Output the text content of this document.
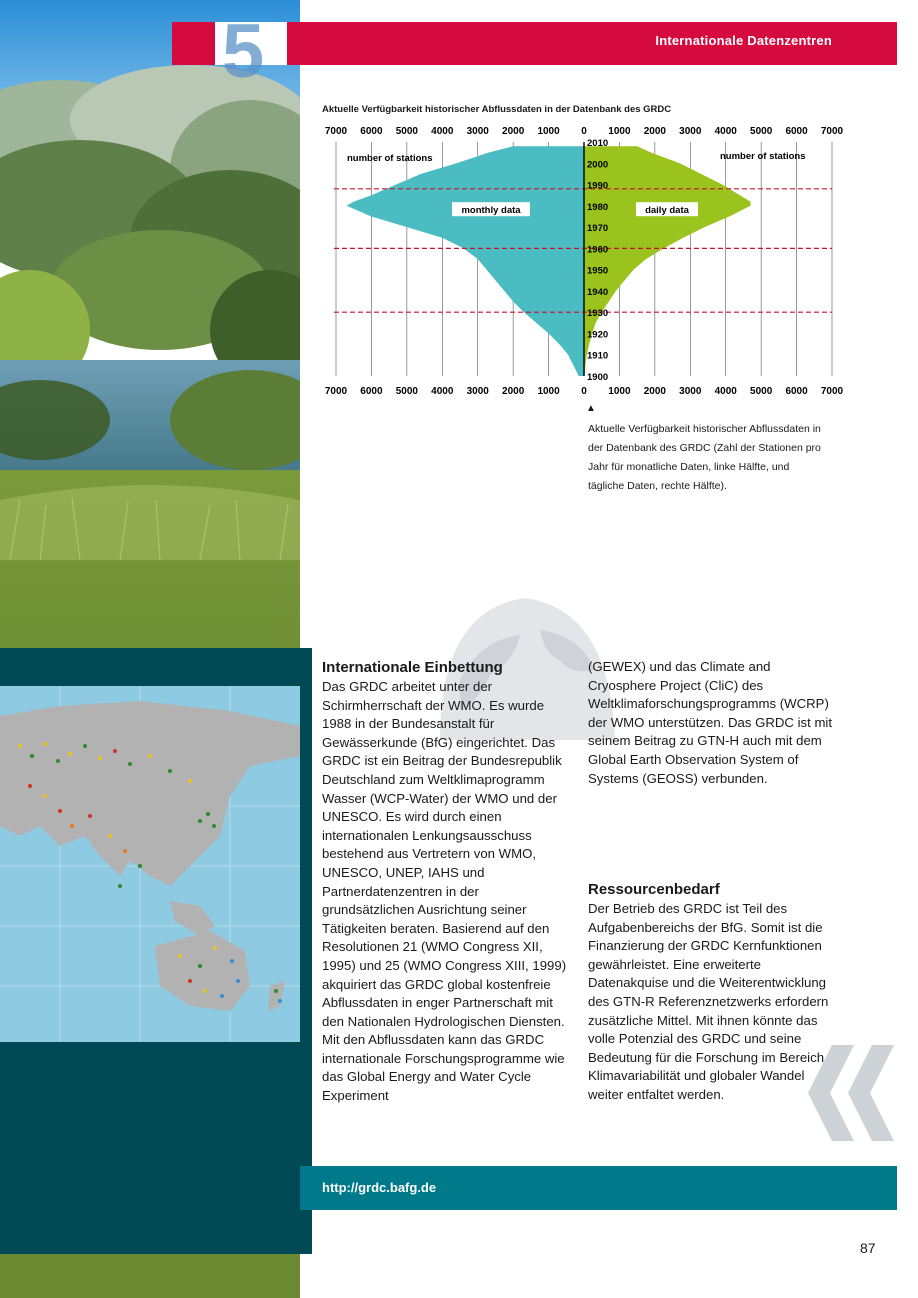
5	Internationale Datenzentren
Aktuelle Verfügbarkeit historischer Abflussdaten in der Datenbank des GRDC
7000 6000 5000 4000 3000 2000 1000 0 1000 2000 3000 4000 5000 6000 7000
7000 6000 5000 4000 3000 2000 1000 0 1000 2000 3000 4000 5000 6000 7000
2010
2000
1990
1980
1970
1960
1950
1940
1930
1920
1910
1900
number of stations	number of stations
monthly data	daily data
▲
Aktuelle Verfügbarkeit historischer Abflussdaten in der Datenbank des GRDC (Zahl der Stationen pro Jahr für monatliche Daten, linke Hälfte, und tägliche Daten, rechte Hälfte).
Internationale Einbettung

Das GRDC arbeitet unter der Schirmherrschaft der WMO. Es wurde 1988 in der Bundesanstalt für Gewässerkunde (BfG) eingerichtet. Das GRDC ist ein Beitrag der Bundesrepublik Deutschland zum Weltklimaprogramm Wasser (WCP-Water) der WMO und der UNESCO. Es wird durch einen internationalen Lenkungsausschuss bestehend aus Vertretern von WMO, UNESCO, UNEP, IAHS und Partnerdatenzentren in der grundsätzlichen Ausrichtung seiner Tätigkeiten beraten. Basierend auf den Resolutionen 21 (WMO Congress XII, 1995) und 25 (WMO Congress XIII, 1999) akquiriert das GRDC global kostenfreie Abflussdaten in enger Partnerschaft mit den Nationalen Hydrologischen Diensten. Mit den Abflussdaten kann das GRDC internationale Forschungsprogramme wie das Global Energy and Water Cycle Experiment

(GEWEX) und das Climate and Cryosphere Project (CliC) des Weltklimaforschungsprogramms (WCRP) der WMO unterstützen. Das GRDC ist mit seinem Beitrag zu GTN-H auch mit dem Global Earth Observation System of Systems (GEOSS) verbunden.

Ressourcenbedarf

Der Betrieb des GRDC ist Teil des Aufgabenbereichs der BfG. Somit ist die Finanzierung der GRDC Kernfunktionen gewährleistet. Eine erweiterte Datenakquise und die Weiterentwicklung des GTN-R Referenznetzwerks erfordern zusätzliche Mittel. Mit ihnen könnte das volle Potenzial des GRDC und seine Bedeutung für die Forschung im Bereich Klimavariabilität und globaler Wandel weiter entfaltet werden.

http://grdc.bafg.de
87
